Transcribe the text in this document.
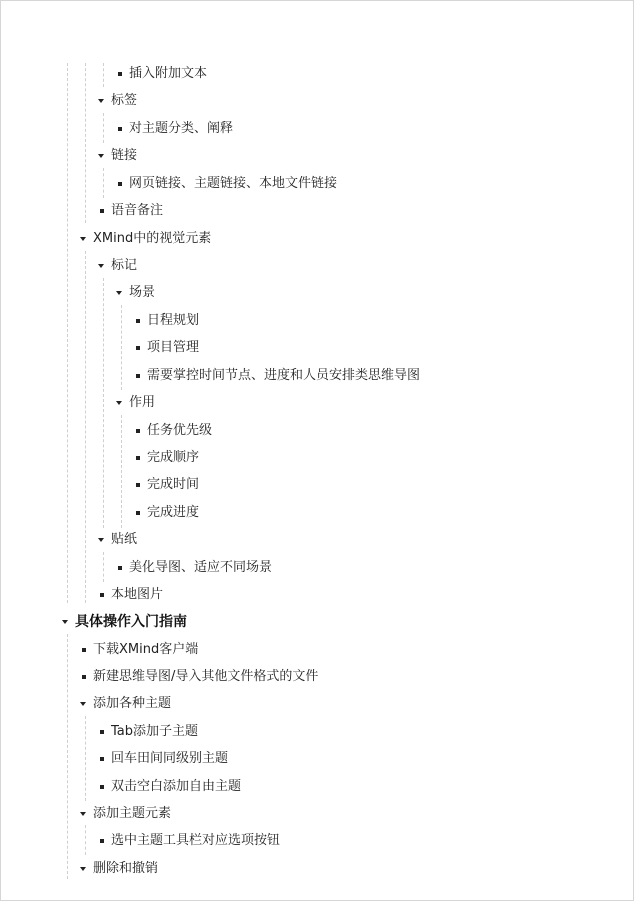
插入附加文本
标签
对主题分类、阐释
链接
网页链接、主题链接、本地文件链接
语音备注
XMind中的视觉元素
标记
场景
日程规划
项目管理
需要掌控时间节点、进度和人员安排类思维导图
作用
任务优先级
完成顺序
完成时间
完成进度
贴纸
美化导图、适应不同场景
本地图片
具体操作入门指南
下载XMind客户端
新建思维导图/导入其他文件格式的文件
添加各种主题
Tab添加子主题
回车田间同级别主题
双击空白添加自由主题
添加主题元素
选中主题工具栏对应选项按钮
删除和撤销
